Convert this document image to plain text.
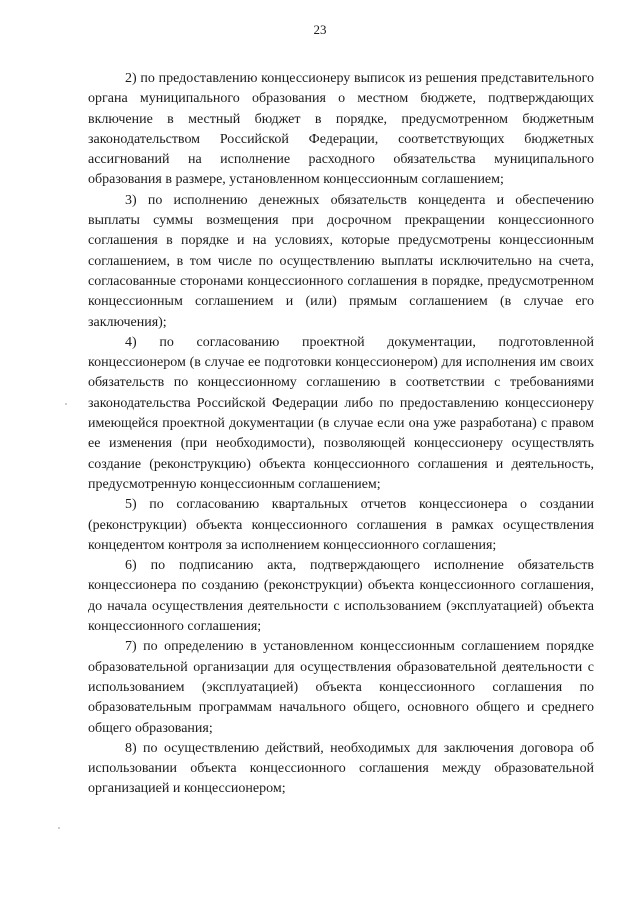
23

2) по предоставлению концессионеру выписок из решения представительного органа муниципального образования о местном бюджете, подтверждающих включение в местный бюджет в порядке, предусмотренном бюджетным законодательством Российской Федерации, соответствующих бюджетных ассигнований на исполнение расходного обязательства муниципального образования в размере, установленном концессионным соглашением;

3) по исполнению денежных обязательств концедента и обеспечению выплаты суммы возмещения при досрочном прекращении концессионного соглашения в порядке и на условиях, которые предусмотрены концессионным соглашением, в том числе по осуществлению выплаты исключительно на счета, согласованные сторонами концессионного соглашения в порядке, предусмотренном концессионным соглашением и (или) прямым соглашением (в случае его заключения);

4) по согласованию проектной документации, подготовленной концессионером (в случае ее подготовки концессионером) для исполнения им своих обязательств по концессионному соглашению в соответствии с требованиями законодательства Российской Федерации либо по предоставлению концессионеру имеющейся проектной документации (в случае если она уже разработана) с правом ее изменения (при необходимости), позволяющей концессионеру осуществлять создание (реконструкцию) объекта концессионного соглашения и деятельность, предусмотренную концессионным соглашением;

5) по согласованию квартальных отчетов концессионера о создании (реконструкции) объекта концессионного соглашения в рамках осуществления концедентом контроля за исполнением концессионного соглашения;

6) по подписанию акта, подтверждающего исполнение обязательств концессионера по созданию (реконструкции) объекта концессионного соглашения, до начала осуществления деятельности с использованием (эксплуатацией) объекта концессионного соглашения;

7) по определению в установленном концессионным соглашением порядке образовательной организации для осуществления образовательной деятельности с использованием (эксплуатацией) объекта концессионного соглашения по образовательным программам начального общего, основного общего и среднего общего образования;

8) по осуществлению действий, необходимых для заключения договора об использовании объекта концессионного соглашения между образовательной организацией и концессионером;
